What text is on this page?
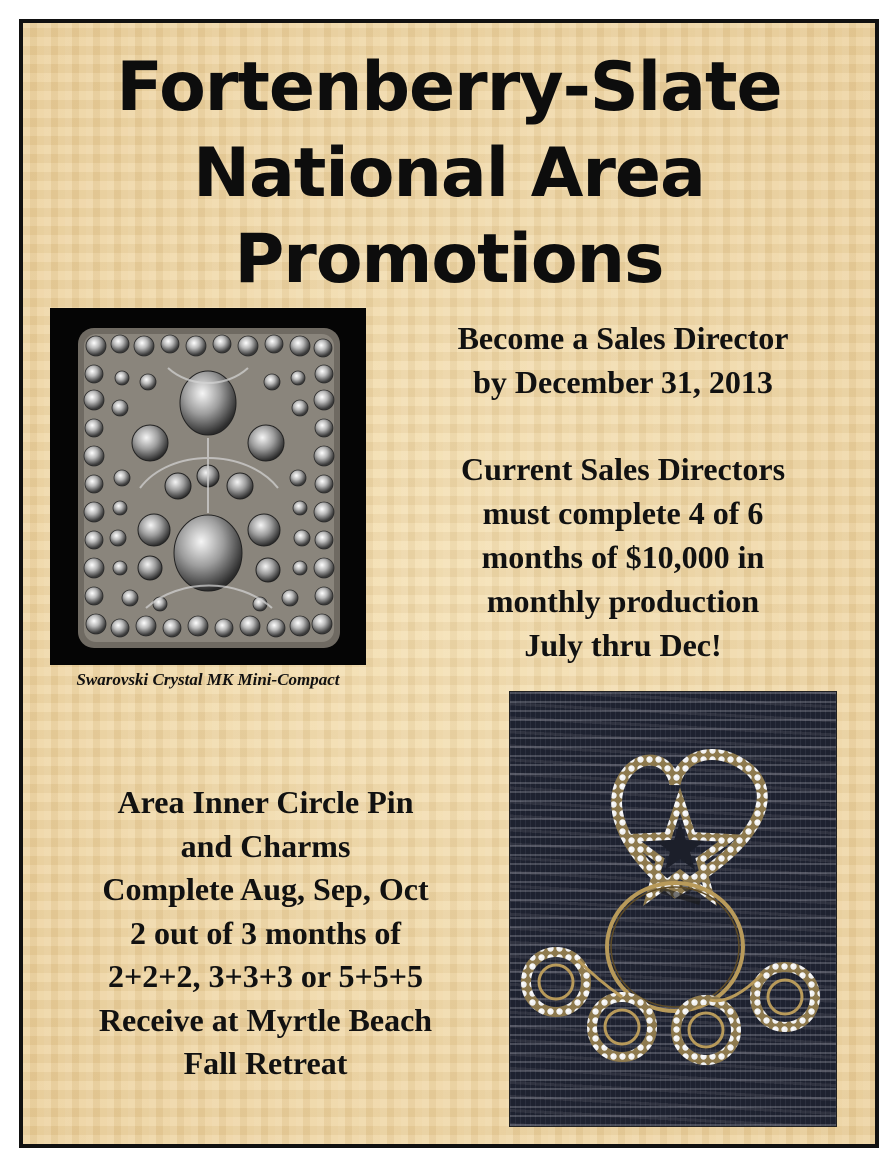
Fortenberry-Slate
National Area
Promotions
Swarovski Crystal MK Mini-Compact
Become a Sales Director
by December 31, 2013
Current Sales Directors
must complete 4 of 6
months of $10,000 in
monthly production
July thru Dec!
Area Inner Circle Pin
and Charms
Complete Aug, Sep, Oct
2 out of 3 months of
2+2+2, 3+3+3 or 5+5+5
Receive at Myrtle Beach
Fall Retreat
